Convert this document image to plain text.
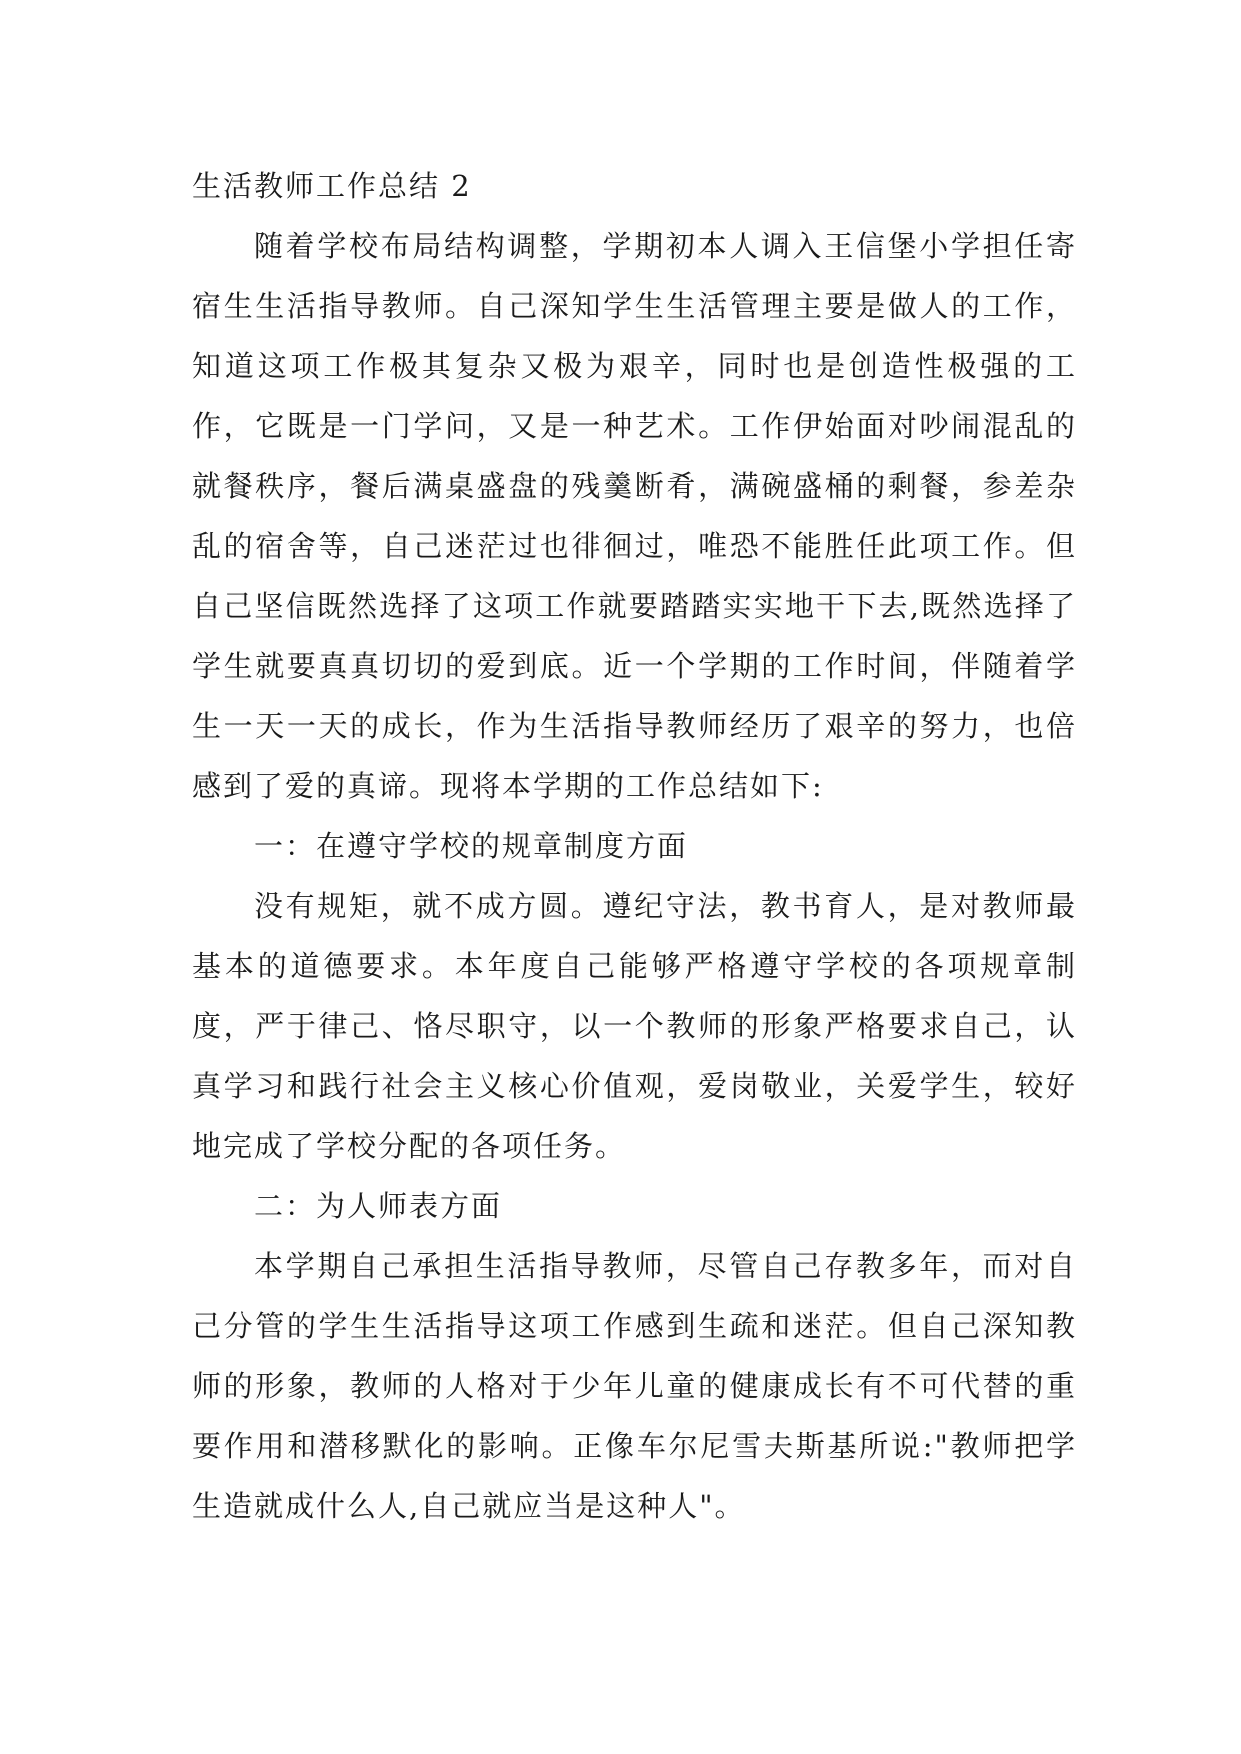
生活教师工作总结 2

随着学校布局结构调整，学期初本人调入王信堡小学担任寄宿生生活指导教师。自己深知学生生活管理主要是做人的工作，知道这项工作极其复杂又极为艰辛，同时也是创造性极强的工作，它既是一门学问，又是一种艺术。工作伊始面对吵闹混乱的就餐秩序，餐后满桌盛盘的残羹断肴，满碗盛桶的剩餐，参差杂乱的宿舍等，自己迷茫过也徘徊过，唯恐不能胜任此项工作。但自己坚信既然选择了这项工作就要踏踏实实地干下去,既然选择了学生就要真真切切的爱到底。近一个学期的工作时间，伴随着学生一天一天的成长，作为生活指导教师经历了艰辛的努力，也倍感到了爱的真谛。现将本学期的工作总结如下:

一：在遵守学校的规章制度方面

没有规矩，就不成方圆。遵纪守法，教书育人，是对教师最基本的道德要求。本年度自己能够严格遵守学校的各项规章制度，严于律己、恪尽职守，以一个教师的形象严格要求自己，认真学习和践行社会主义核心价值观，爱岗敬业，关爱学生，较好地完成了学校分配的各项任务。

二：为人师表方面

本学期自己承担生活指导教师，尽管自己存教多年，而对自己分管的学生生活指导这项工作感到生疏和迷茫。但自己深知教师的形象，教师的人格对于少年儿童的健康成长有不可代替的重要作用和潜移默化的影响。正像车尔尼雪夫斯基所说:"教师把学生造就成什么人,自己就应当是这种人"。
